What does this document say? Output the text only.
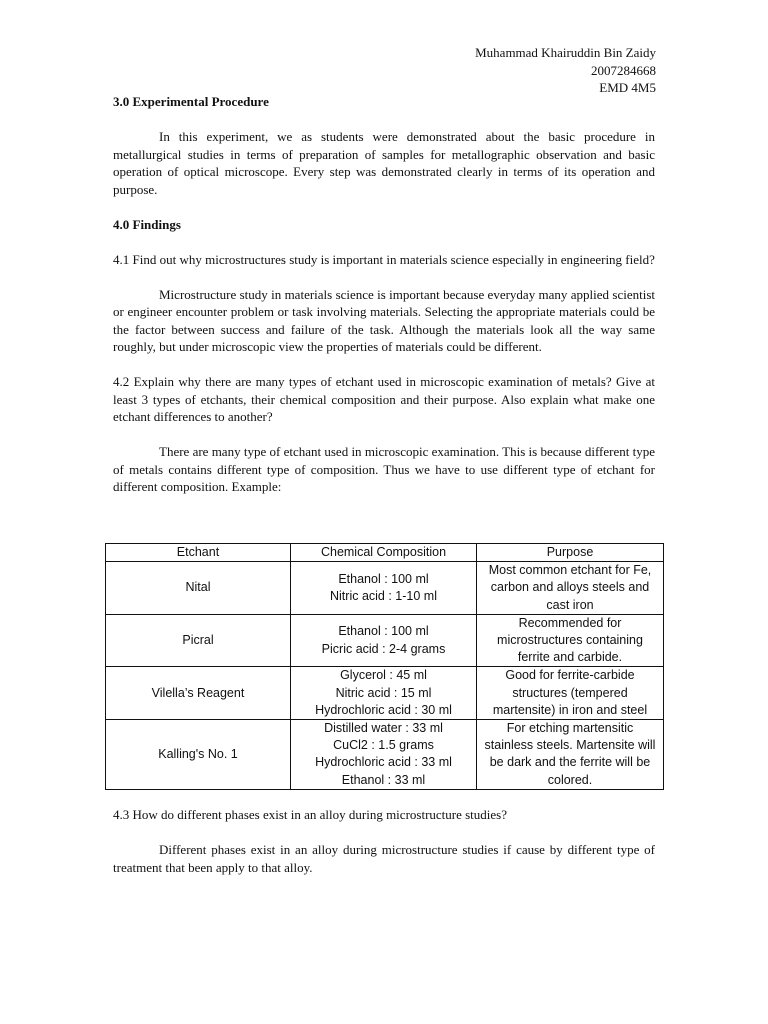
Muhammad Khairuddin Bin Zaidy
2007284668
EMD 4M5
3.0 Experimental Procedure

In this experiment, we as students were demonstrated about the basic procedure in metallurgical studies in terms of preparation of samples for metallographic observation and basic operation of optical microscope. Every step was demonstrated clearly in terms of its operation and purpose.

4.0 Findings

4.1 Find out why microstructures study is important in materials science especially in engineering field?

Microstructure study in materials science is important because everyday many applied scientist or engineer encounter problem or task involving materials. Selecting the appropriate materials could be the factor between success and failure of the task. Although the materials look all the way same roughly, but under microscopic view the properties of materials could be different.

4.2 Explain why there are many types of etchant used in microscopic examination of metals? Give at least 3 types of etchants, their chemical composition and their purpose. Also explain what make one etchant differences to another?

There are many type of etchant used in microscopic examination. This is because different type of metals contains different type of composition. Thus we have to use different type of etchant for different composition. Example:

Etchant	Chemical Composition	Purpose
Nital	Ethanol : 100 ml
Nitric acid : 1-10 ml	Most common etchant for Fe, carbon and alloys steels and cast iron
Picral	Ethanol : 100 ml
Picric acid : 2-4 grams	Recommended for microstructures containing ferrite and carbide.
Vilella’s Reagent	Glycerol : 45 ml
Nitric acid : 15 ml
Hydrochloric acid : 30 ml	Good for ferrite-carbide structures (tempered martensite) in iron and steel
Kalling's No. 1	Distilled water : 33 ml
CuCl2 : 1.5 grams
Hydrochloric acid : 33 ml
Ethanol : 33 ml	For etching martensitic stainless steels. Martensite will be dark and the ferrite will be colored.

4.3 How do different phases exist in an alloy during microstructure studies?

Different phases exist in an alloy during microstructure studies if cause by different type of treatment that been apply to that alloy.
